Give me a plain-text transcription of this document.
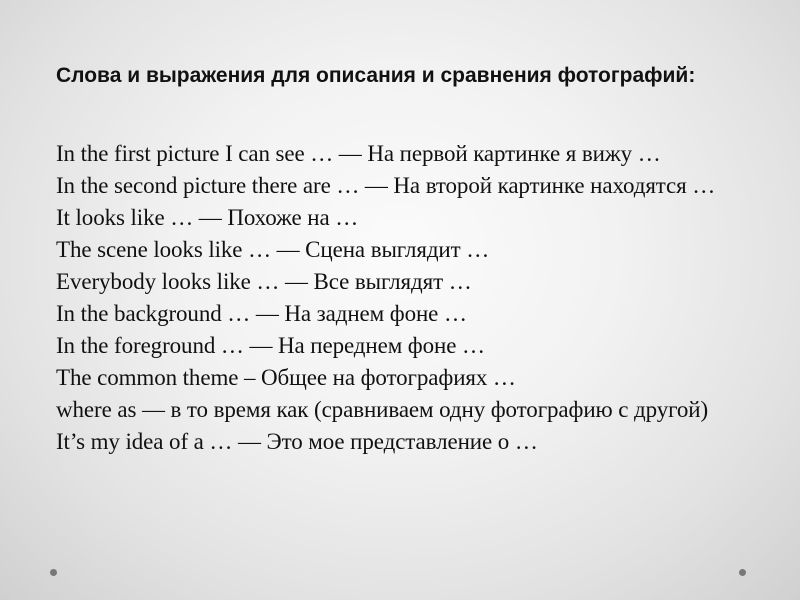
Слова и выражения для описания и сравнения фотографий:

In the first picture I can see … — На первой картинке я вижу …
In the second picture there are … — На второй картинке находятся …
It looks like … — Похоже на …
The scene looks like … — Сцена выглядит …
Everybody looks like … — Все выглядят …
In the background … — На заднем фоне …
In the foreground … — На переднем фоне …
The common theme – Общее на фотографиях …
where as — в то время как (сравниваем одну фотографию с другой)
It’s my idea of a … — Это мое представление о …
